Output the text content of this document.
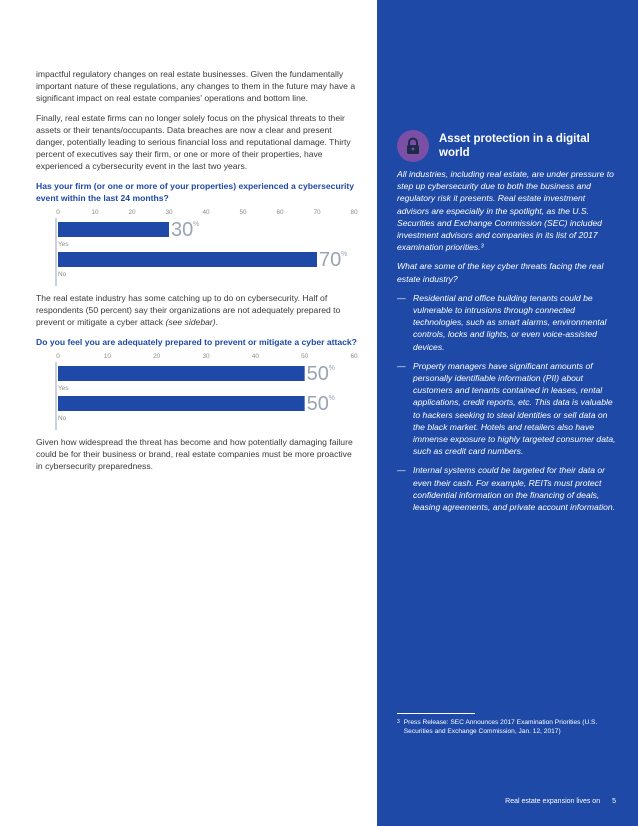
impactful regulatory changes on real estate businesses. Given the fundamentally important nature of these regulations, any changes to them in the future may have a significant impact on real estate companies' operations and bottom line.

Finally, real estate firms can no longer solely focus on the physical threats to their assets or their tenants/occupants. Data breaches are now a clear and present danger, potentially leading to serious financial loss and reputational damage. Thirty percent of executives say their firm, or one or more of their properties, have experienced a cybersecurity event in the last two years.

Has your firm (or one or more of your properties) experienced a cybersecurity event within the last 24 months?

0	10	20	30	40	50	60	70	80
Yes
30 %
No
70 %

The real estate industry has some catching up to do on cybersecurity. Half of respondents (50 percent) say their organizations are not adequately prepared to prevent or mitigate a cyber attack (see sidebar).

Do you feel you are adequately prepared to prevent or mitigate a cyber attack?

0	10	20	30	40	50	60
Yes
50 %
No
50 %

Given how widespread the threat has become and how potentially damaging failure could be for their business or brand, real estate companies must be more proactive in cybersecurity preparedness.

Asset protection in a digital world

All industries, including real estate, are under pressure to step up cybersecurity due to both the business and regulatory risk it presents. Real estate investment advisors are especially in the spotlight, as the U.S. Securities and Exchange Commission (SEC) included investment advisors and companies in its list of 2017 examination priorities.³

What are some of the key cyber threats facing the real estate industry?

— Residential and office building tenants could be vulnerable to intrusions through connected technologies, such as smart alarms, environmental controls, locks and lights, or even voice-assisted devices.
— Property managers have significant amounts of personally identifiable information (PII) about customers and tenants contained in leases, rental applications, credit reports, etc. This data is valuable to hackers seeking to steal identities or sell data on the black market. Hotels and retailers also have immense exposure to highly targeted consumer data, such as credit card numbers.
— Internal systems could be targeted for their data or even their cash. For example, REITs must protect confidential information on the financing of deals, leasing agreements, and private account information.
$^3$ Press Release: SEC Announces 2017 Examination Priorities (U.S. Securities and Exchange Commission, Jan. 12, 2017)
Real estate expansion lives on 5
